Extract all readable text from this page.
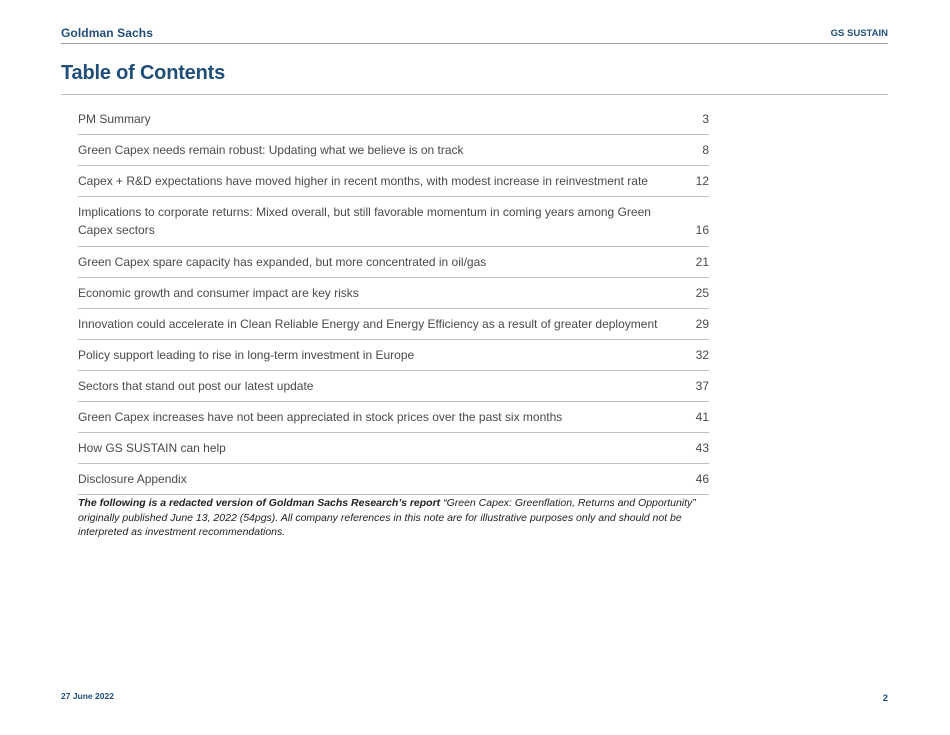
Goldman Sachs	GS SUSTAIN
Table of Contents
PM Summary	3
Green Capex needs remain robust: Updating what we believe is on track	8
Capex + R&D expectations have moved higher in recent months, with modest increase in reinvestment rate	12
Implications to corporate returns: Mixed overall, but still favorable momentum in coming years among Green Capex sectors	16
Green Capex spare capacity has expanded, but more concentrated in oil/gas	21
Economic growth and consumer impact are key risks	25
Innovation could accelerate in Clean Reliable Energy and Energy Efficiency as a result of greater deployment	29
Policy support leading to rise in long-term investment in Europe	32
Sectors that stand out post our latest update	37
Green Capex increases have not been appreciated in stock prices over the past six months	41
How GS SUSTAIN can help	43
Disclosure Appendix	46

The following is a redacted version of Goldman Sachs Research’s report “Green Capex: Greenflation, Returns and Opportunity” originally published June 13, 2022 (54pgs). All company references in this note are for illustrative purposes only and should not be interpreted as investment recommendations.

27 June 2022	2
